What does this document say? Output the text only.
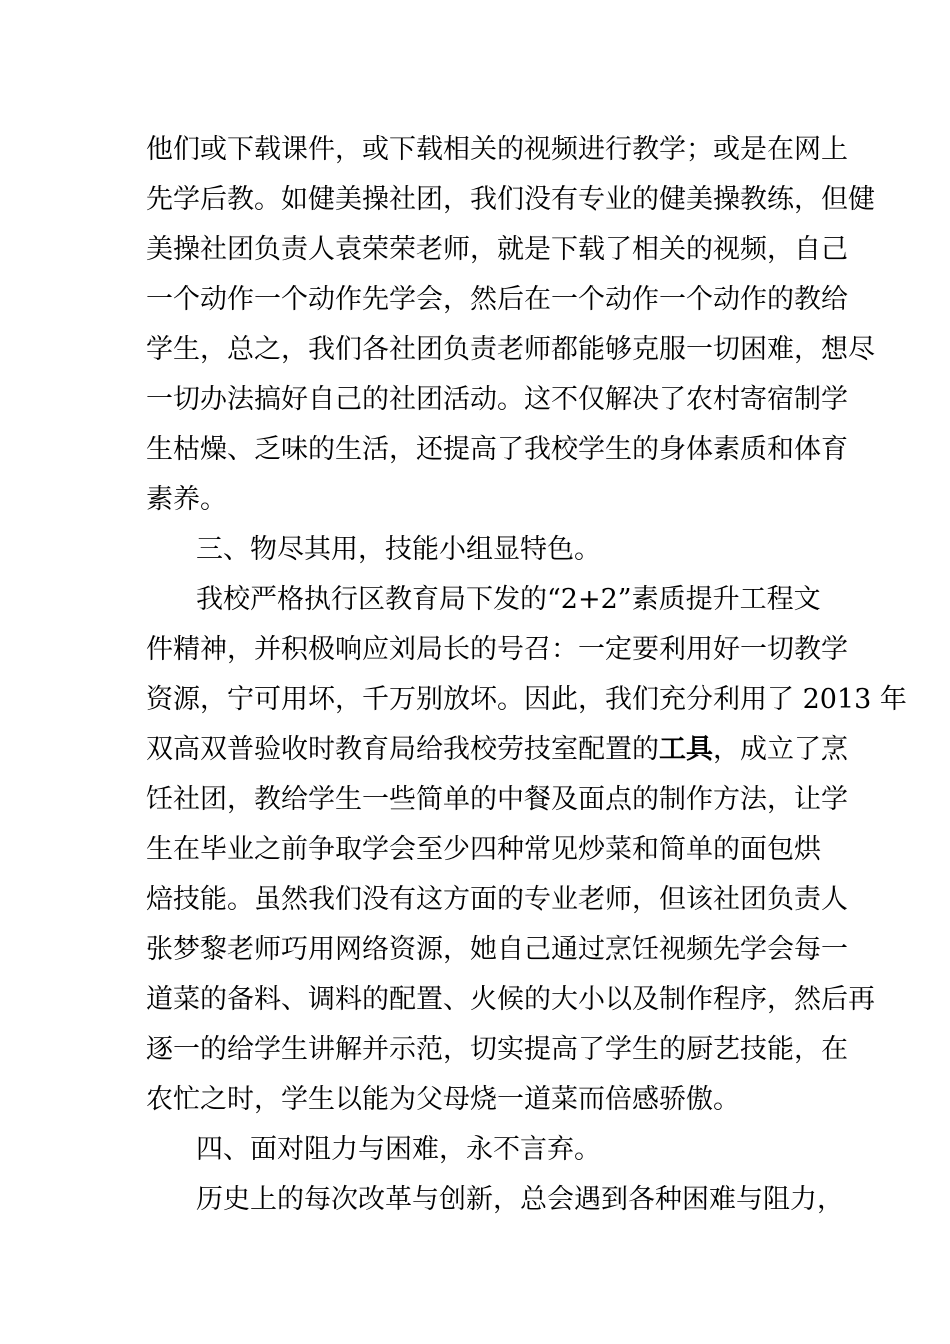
他们或下载课件，或下载相关的视频进行教学；或是在网上
先学后教。如健美操社团，我们没有专业的健美操教练，但健
美操社团负责人袁荣荣老师，就是下载了相关的视频，自己
一个动作一个动作先学会，然后在一个动作一个动作的教给
学生，总之，我们各社团负责老师都能够克服一切困难，想尽
一切办法搞好自己的社团活动。这不仅解决了农村寄宿制学
生枯燥、乏味的生活，还提高了我校学生的身体素质和体育
素养。
三、物尽其用，技能小组显特色。
我校严格执行区教育局下发的“2+2”素质提升工程文
件精神，并积极响应刘局长的号召：一定要利用好一切教学
资源，宁可用坏，千万别放坏。因此，我们充分利用了 2013 年
双高双普验收时教育局给我校劳技室配置的工具，成立了烹
饪社团，教给学生一些简单的中餐及面点的制作方法，让学
生在毕业之前争取学会至少四种常见炒菜和简单的面包烘
焙技能。虽然我们没有这方面的专业老师，但该社团负责人
张梦黎老师巧用网络资源，她自己通过烹饪视频先学会每一
道菜的备料、调料的配置、火候的大小以及制作程序，然后再
逐一的给学生讲解并示范，切实提高了学生的厨艺技能，在
农忙之时，学生以能为父母烧一道菜而倍感骄傲。
四、面对阻力与困难，永不言弃。
历史上的每次改革与创新，总会遇到各种困难与阻力，
